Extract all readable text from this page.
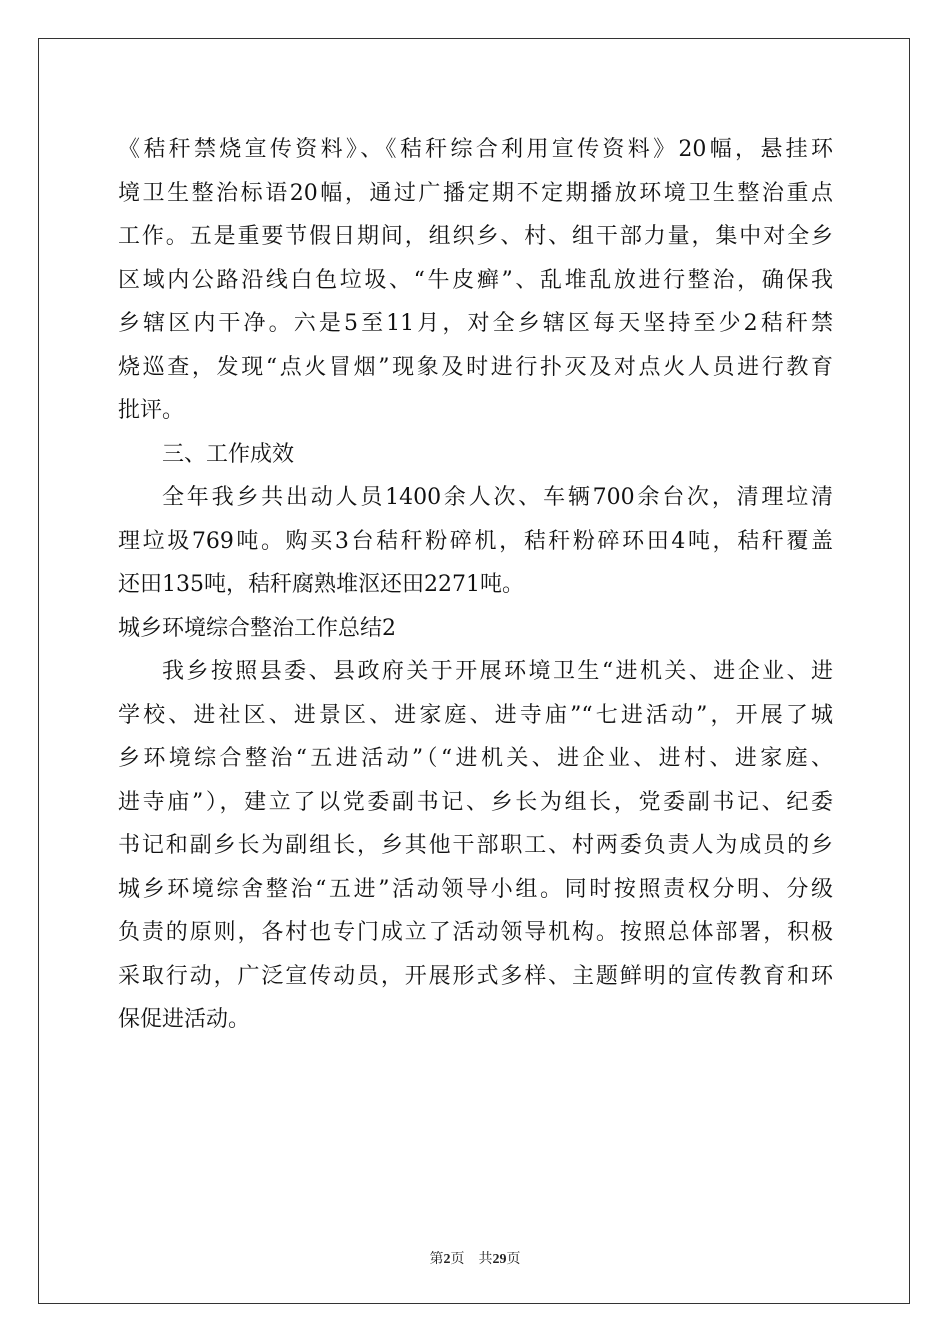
《秸秆禁烧宣传资料》、《秸秆综合利用宣传资料》20幅，悬挂环
境卫生整治标语20幅，通过广播定期不定期播放环境卫生整治重点
工作。五是重要节假日期间，组织乡、村、组干部力量，集中对全乡
区域内公路沿线白色垃圾、“牛皮癣”、乱堆乱放进行整治，确保我
乡辖区内干净。六是5至11月，对全乡辖区每天坚持至少2秸秆禁
烧巡查，发现“点火冒烟”现象及时进行扑灭及对点火人员进行教育
批评。
三、工作成效
全年我乡共出动人员1400余人次、车辆700余台次，清理垃清
理垃圾769吨。购买3台秸秆粉碎机，秸秆粉碎环田4吨，秸秆覆盖
还田135吨，秸秆腐熟堆沤还田2271吨。
城乡环境综合整治工作总结2
我乡按照县委、县政府关于开展环境卫生“进机关、进企业、进
学校、进社区、进景区、进家庭、进寺庙”“七进活动”，开展了城
乡环境综合整治“五进活动”（“进机关、进企业、进村、进家庭、
进寺庙”），建立了以党委副书记、乡长为组长，党委副书记、纪委
书记和副乡长为副组长，乡其他干部职工、村两委负责人为成员的乡
城乡环境综舍整治“五进”活动领导小组。同时按照责权分明、分级
负责的原则，各村也专门成立了活动领导机构。按照总体部署，积极
采取行动，广泛宣传动员，开展形式多样、主题鲜明的宣传教育和环
保促进活动。
第2页 共29页
